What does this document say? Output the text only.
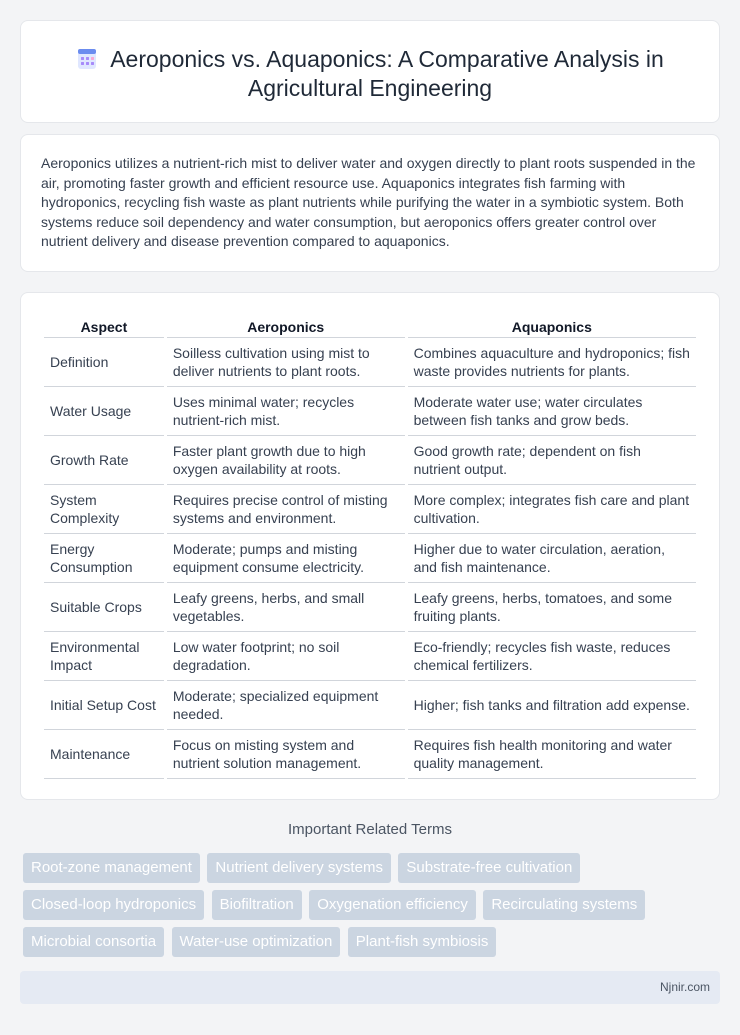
Aeroponics vs. Aquaponics: A Comparative Analysis in Agricultural Engineering

Aeroponics utilizes a nutrient-rich mist to deliver water and oxygen directly to plant roots suspended in the air, promoting faster growth and efficient resource use. Aquaponics integrates fish farming with hydroponics, recycling fish waste as plant nutrients while purifying the water in a symbiotic system. Both systems reduce soil dependency and water consumption, but aeroponics offers greater control over nutrient delivery and disease prevention compared to aquaponics.

Aspect	Aeroponics	Aquaponics
Definition	Soilless cultivation using mist to deliver nutrients to plant roots.	Combines aquaculture and hydroponics; fish waste provides nutrients for plants.
Water Usage	Uses minimal water; recycles nutrient-rich mist.	Moderate water use; water circulates between fish tanks and grow beds.
Growth Rate	Faster plant growth due to high oxygen availability at roots.	Good growth rate; dependent on fish nutrient output.
System Complexity	Requires precise control of misting systems and environment.	More complex; integrates fish care and plant cultivation.
Energy Consumption	Moderate; pumps and misting equipment consume electricity.	Higher due to water circulation, aeration, and fish maintenance.
Suitable Crops	Leafy greens, herbs, and small vegetables.	Leafy greens, herbs, tomatoes, and some fruiting plants.
Environmental Impact	Low water footprint; no soil degradation.	Eco-friendly; recycles fish waste, reduces chemical fertilizers.
Initial Setup Cost	Moderate; specialized equipment needed.	Higher; fish tanks and filtration add expense.
Maintenance	Focus on misting system and nutrient solution management.	Requires fish health monitoring and water quality management.
Important Related Terms
Root-zone management Nutrient delivery systems Substrate-free cultivation Closed-loop hydroponics Biofiltration Oxygenation efficiency Recirculating systems Microbial consortia Water-use optimization Plant-fish symbiosis
Njnir.com
